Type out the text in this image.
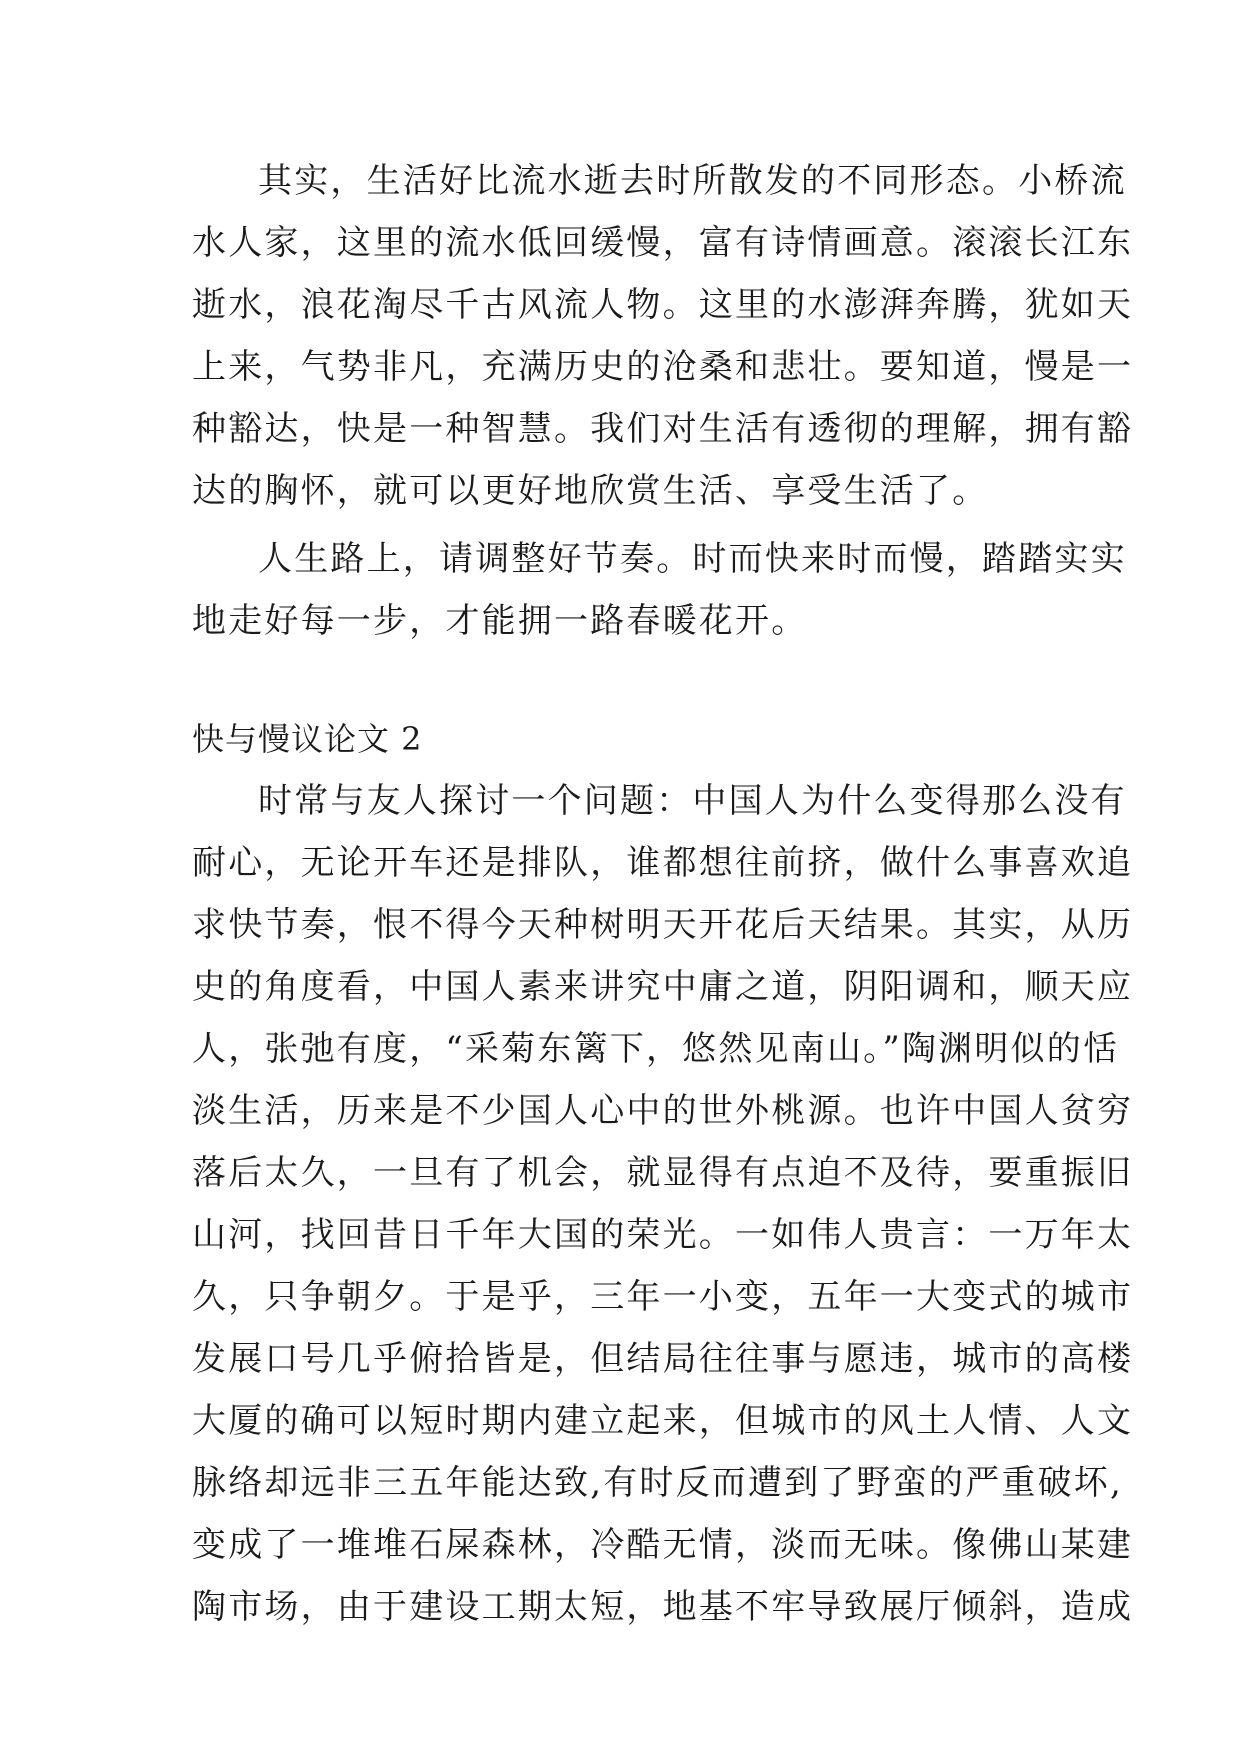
其实，生活好比流水逝去时所散发的不同形态。小桥流
水人家，这里的流水低回缓慢，富有诗情画意。滚滚长江东
逝水，浪花淘尽千古风流人物。这里的水澎湃奔腾，犹如天
上来，气势非凡，充满历史的沧桑和悲壮。要知道，慢是一
种豁达，快是一种智慧。我们对生活有透彻的理解，拥有豁
达的胸怀，就可以更好地欣赏生活、享受生活了。
人生路上，请调整好节奏。时而快来时而慢，踏踏实实
地走好每一步，才能拥一路春暖花开。
快与慢议论文 2
时常与友人探讨一个问题：中国人为什么变得那么没有
耐心，无论开车还是排队，谁都想往前挤，做什么事喜欢追
求快节奏，恨不得今天种树明天开花后天结果。其实，从历
史的角度看，中国人素来讲究中庸之道，阴阳调和，顺天应
人，张弛有度，“采菊东篱下，悠然见南山。”陶渊明似的恬
淡生活，历来是不少国人心中的世外桃源。也许中国人贫穷
落后太久，一旦有了机会，就显得有点迫不及待，要重振旧
山河，找回昔日千年大国的荣光。一如伟人贵言：一万年太
久，只争朝夕。于是乎，三年一小变，五年一大变式的城市
发展口号几乎俯拾皆是，但结局往往事与愿违，城市的高楼
大厦的确可以短时期内建立起来，但城市的风土人情、人文
脉络却远非三五年能达致,有时反而遭到了野蛮的严重破坏,
变成了一堆堆石屎森林，冷酷无情，淡而无味。像佛山某建
陶市场，由于建设工期太短，地基不牢导致展厅倾斜，造成
